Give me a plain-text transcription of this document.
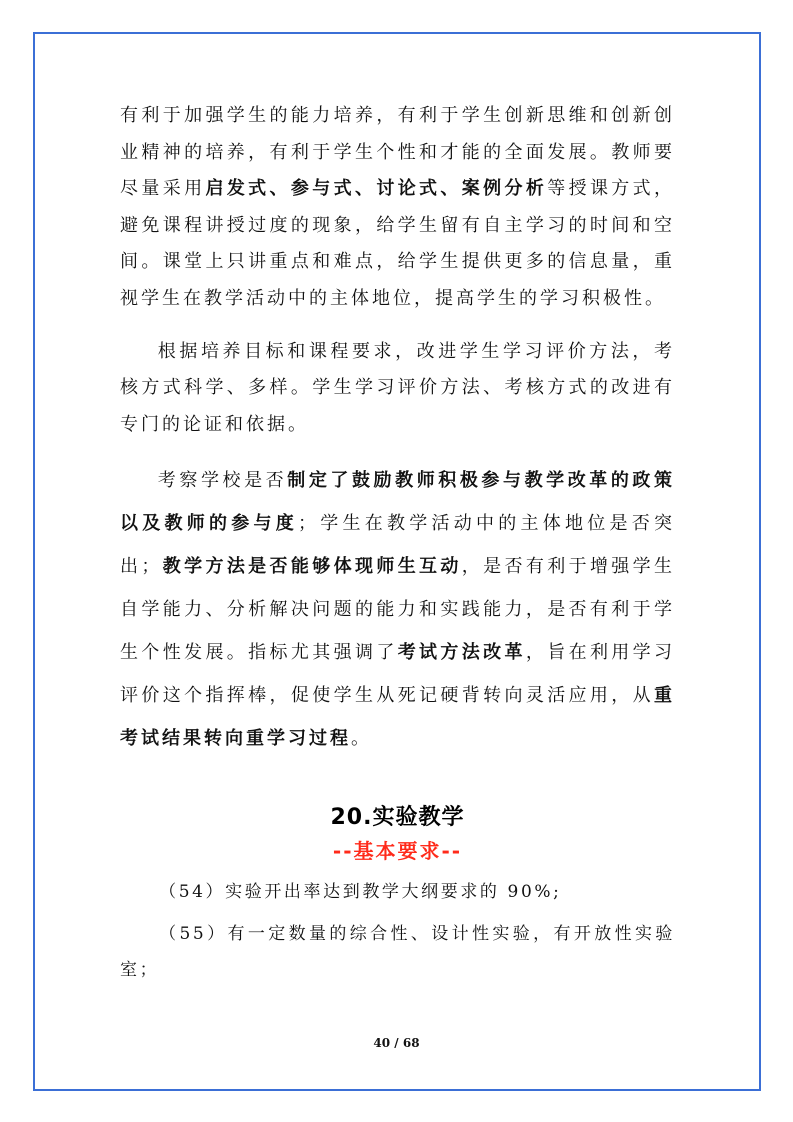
有利于加强学生的能力培养，有利于学生创新思维和创新创业精神的培养，有利于学生个性和才能的全面发展。教师要尽量采用启发式、参与式、讨论式、案例分析等授课方式，避免课程讲授过度的现象，给学生留有自主学习的时间和空间。课堂上只讲重点和难点，给学生提供更多的信息量，重视学生在教学活动中的主体地位，提高学生的学习积极性。

根据培养目标和课程要求，改进学生学习评价方法，考核方式科学、多样。学生学习评价方法、考核方式的改进有专门的论证和依据。

考察学校是否制定了鼓励教师积极参与教学改革的政策以及教师的参与度；学生在教学活动中的主体地位是否突出；教学方法是否能够体现师生互动，是否有利于增强学生自学能力、分析解决问题的能力和实践能力，是否有利于学生个性发展。指标尤其强调了考试方法改革，旨在利用学习评价这个指挥棒，促使学生从死记硬背转向灵活应用，从重考试结果转向重学习过程。

20.实验教学
--基本要求--

（54）实验开出率达到教学大纲要求的 90%;

（55）有一定数量的综合性、设计性实验，有开放性实验室；

40 / 68
